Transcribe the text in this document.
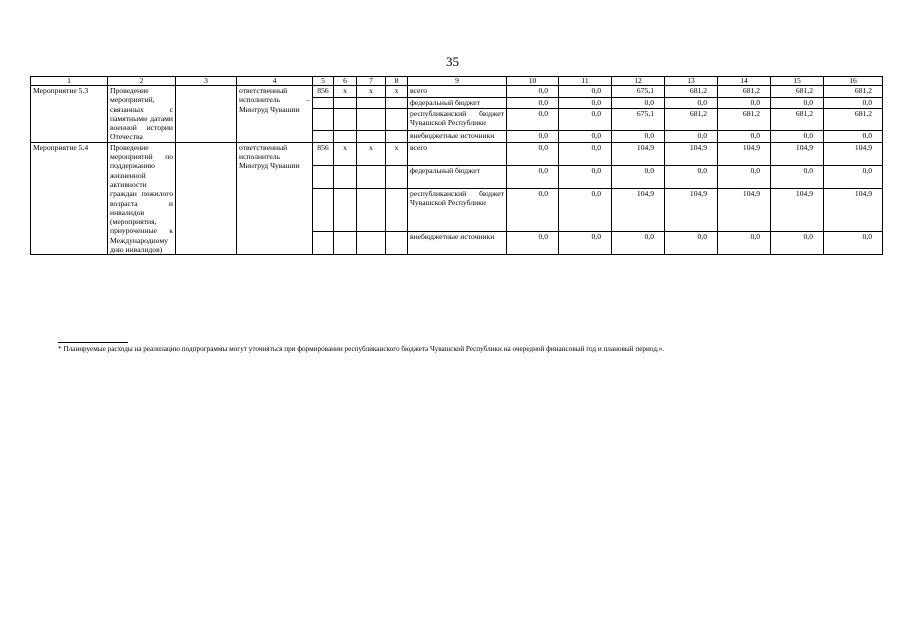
35
1	2	3	4	5	6	7	8	9	10	11	12	13	14	15	16
Мероприятие 5.3	Проведение мероприятий, связанных с памятными датами военной истории Отечества		ответственный исполнитель – Минтруд Чувашии	856	x	x	x	всего	0,0	0,0	675,1	681,2	681,2	681,2	681,2
								федеральный бюджет	0,0	0,0	0,0	0,0	0,0	0,0	0,0
								республиканский бюджет Чувашской Республики	0,0	0,0	675,1	681,2	681,2	681,2	681,2
								внебюджетные источники	0,0	0,0	0,0	0,0	0,0	0,0	0,0
Мероприятие 5.4	Проведение мероприятий по поддержанию жизненной активности граждан пожилого возраста и инвалидов (мероприятия, приуроченные к Международному дню инвалидов)		ответственный исполнитель Минтруд Чувашии	856	x	x	x	всего	0,0	0,0	104,9	104,9	104,9	104,9	104,9
								федеральный бюджет	0,0	0,0	0,0	0,0	0,0	0,0	0,0
								республиканский бюджет Чувашской Республики	0,0	0,0	104,9	104,9	104,9	104,9	104,9
								внебюджетные источники	0,0	0,0	0,0	0,0	0,0	0,0	0,0
* Планируемые расходы на реализацию подпрограммы могут уточняться при формировании республиканского бюджета Чувашской Республики на очередной финансовый год и плановый период.».
